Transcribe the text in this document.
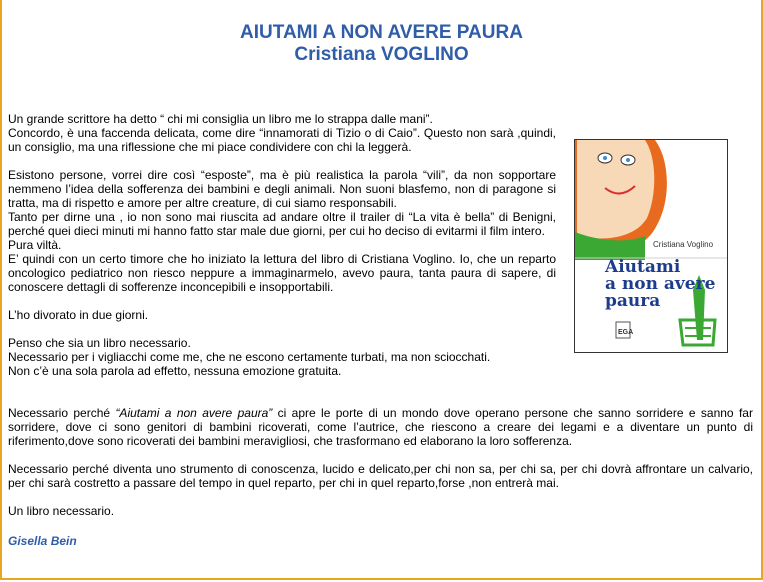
AIUTAMI A NON AVERE PAURA
Cristiana VOGLINO

Un grande scrittore ha detto “ chi mi consiglia un libro me lo strappa dalle mani”.

Concordo, è una faccenda delicata, come dire “innamorati di Tizio o di Caio”. Questo non sarà ,quindi, un consiglio, ma una riflessione che mi piace condividere con chi la leggerà.

Esistono persone, vorrei dire così “esposte”, ma è più realistica la parola “vili”, da non sopportare nemmeno l’idea della sofferenza dei bambini e degli animali. Non suoni blasfemo, non di paragone si tratta, ma di rispetto e amore per altre creature, di cui siamo responsabili.

Tanto per dirne una , io non sono mai riuscita ad andare oltre il trailer di “La vita è bella” di Benigni, perché quei dieci minuti mi hanno fatto star male due giorni, per cui ho deciso di evitarmi il film intero.

Pura viltà.

E’ quindi con un certo timore che ho iniziato la lettura del libro di Cristiana Voglino. Io, che un reparto oncologico pediatrico non riesco neppure a immaginarmelo, avevo paura, tanta paura di sapere, di conoscere dettagli di sofferenze inconcepibili e insopportabili.

L’ho divorato in due giorni.

Penso che sia un libro necessario.

Necessario per i vigliacchi come me, che ne escono certamente turbati, ma non sciocchati.

Non c’è una sola parola ad effetto, nessuna emozione gratuita.

Necessario perché “Aiutami a non avere paura” ci apre le porte di un mondo dove operano persone che sanno sorridere e sanno far sorridere, dove ci sono genitori di bambini ricoverati, come l’autrice, che riescono a creare dei legami e a diventare un punto di riferimento,dove sono ricoverati dei bambini meravigliosi, che trasformano ed elaborano la loro sofferenza.

Necessario perché diventa uno strumento di conoscenza, lucido e delicato,per chi non sa, per chi sa, per chi dovrà affrontare un calvario, per chi sarà costretto a passare del tempo in quel reparto, per chi in quel reparto,forse ,non entrerà mai.

Un libro necessario.

Gisella Bein
Cristiana Voglino
Aiutami
a non avere
paura
EGA
